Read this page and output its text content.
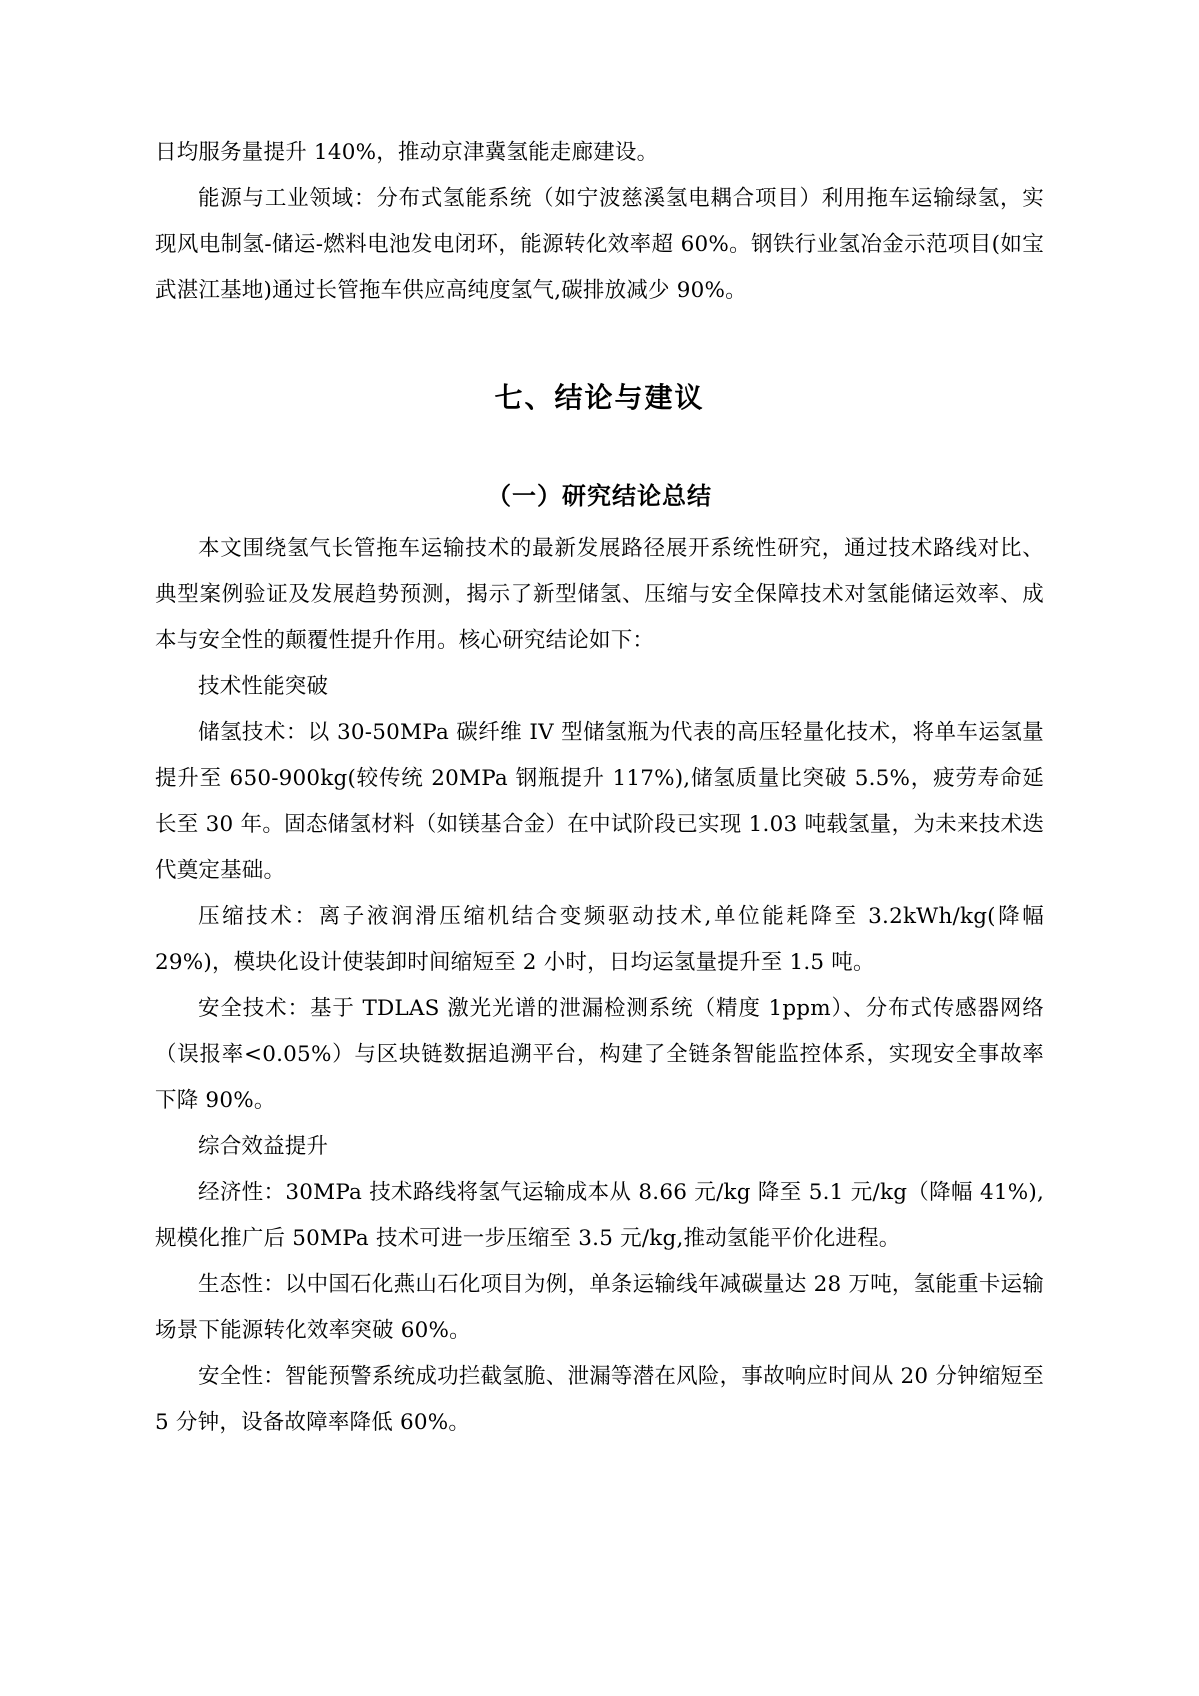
日均服务量提升 140%，推动京津冀氢能走廊建设。

能源与工业领域：分布式氢能系统（如宁波慈溪氢电耦合项目）利用拖车运输绿氢，实现风电制氢-储运-燃料电池发电闭环，能源转化效率超 60%。钢铁行业氢冶金示范项目(如宝武湛江基地)通过长管拖车供应高纯度氢气,碳排放减少 90%。

七、结论与建议
（一）研究结论总结

本文围绕氢气长管拖车运输技术的最新发展路径展开系统性研究，通过技术路线对比、典型案例验证及发展趋势预测，揭示了新型储氢、压缩与安全保障技术对氢能储运效率、成本与安全性的颠覆性提升作用。核心研究结论如下：

技术性能突破

储氢技术：以 30-50MPa 碳纤维 IV 型储氢瓶为代表的高压轻量化技术，将单车运氢量提升至 650-900kg(较传统 20MPa 钢瓶提升 117%),储氢质量比突破 5.5%，疲劳寿命延长至 30 年。固态储氢材料（如镁基合金）在中试阶段已实现 1.03 吨载氢量，为未来技术迭代奠定基础。

压缩技术：离子液润滑压缩机结合变频驱动技术,单位能耗降至 3.2kWh/kg(降幅 29%)，模块化设计使装卸时间缩短至 2 小时，日均运氢量提升至 1.5 吨。

安全技术：基于 TDLAS 激光光谱的泄漏检测系统（精度 1ppm）、分布式传感器网络（误报率<0.05%）与区块链数据追溯平台，构建了全链条智能监控体系，实现安全事故率下降 90%。

综合效益提升

经济性：30MPa 技术路线将氢气运输成本从 8.66 元/kg 降至 5.1 元/kg（降幅 41%),规模化推广后 50MPa 技术可进一步压缩至 3.5 元/kg,推动氢能平价化进程。

生态性：以中国石化燕山石化项目为例，单条运输线年减碳量达 28 万吨，氢能重卡运输场景下能源转化效率突破 60%。

安全性：智能预警系统成功拦截氢脆、泄漏等潜在风险，事故响应时间从 20 分钟缩短至 5 分钟，设备故障率降低 60%。
